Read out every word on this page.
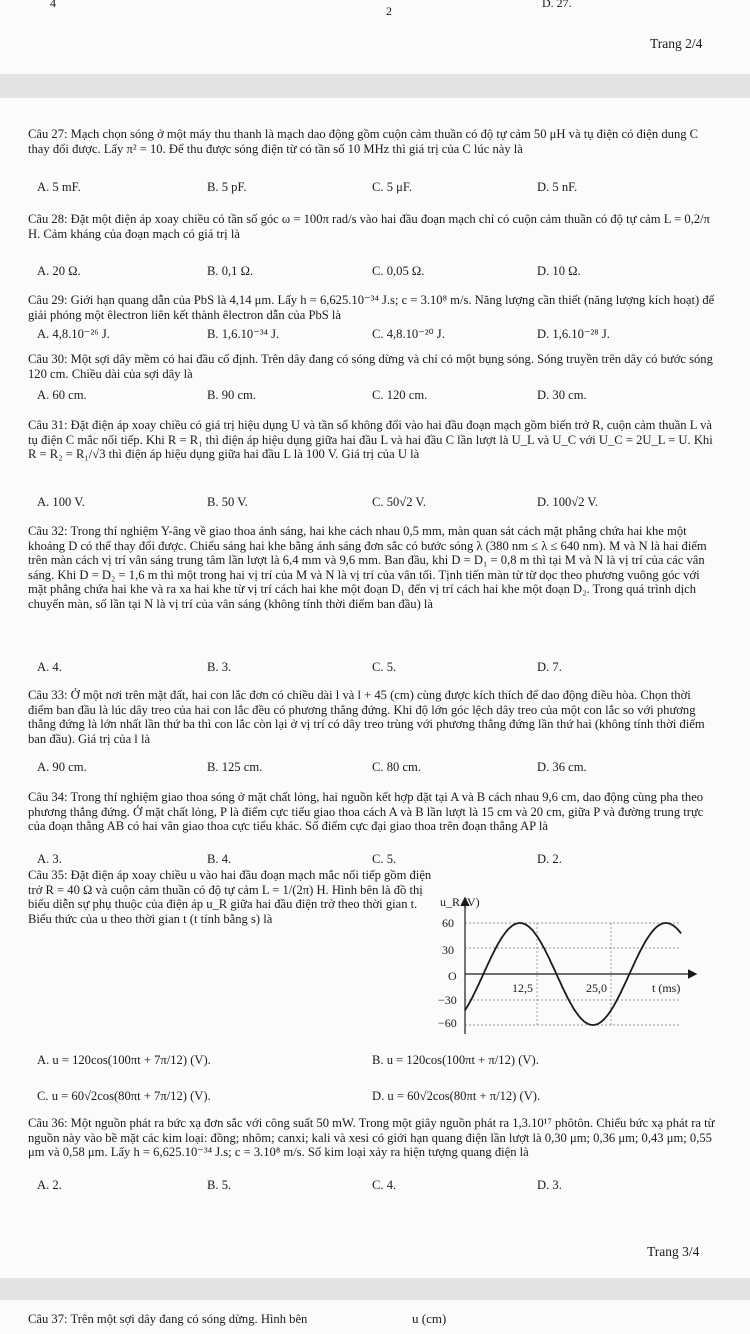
4
2
D. 27.
Trang 2/4
Câu 27: Mạch chọn sóng ở một máy thu thanh là mạch dao động gồm cuộn cảm thuần có độ tự cảm 50 μH và tụ điện có điện dung C thay đổi được. Lấy π² = 10. Để thu được sóng điện từ có tần số 10 MHz thì giá trị của C lúc này là
A. 5 mF.	B. 5 pF.	C. 5 μF.	D. 5 nF.
Câu 28: Đặt một điện áp xoay chiều có tần số góc ω = 100π rad/s vào hai đầu đoạn mạch chỉ có cuộn cảm thuần có độ tự cảm L = 0,2/π H. Cảm kháng của đoạn mạch có giá trị là
A. 20 Ω.	B. 0,1 Ω.	C. 0,05 Ω.	D. 10 Ω.
Câu 29: Giới hạn quang dẫn của PbS là 4,14 μm. Lấy h = 6,625.10⁻³⁴ J.s; c = 3.10⁸ m/s. Năng lượng cần thiết (năng lượng kích hoạt) để giải phóng một êlectron liên kết thành êlectron dẫn của PbS là
A. 4,8.10⁻²⁶ J.	B. 1,6.10⁻³⁴ J.	C. 4,8.10⁻²⁰ J.	D. 1,6.10⁻²⁸ J.
Câu 30: Một sợi dây mềm có hai đầu cố định. Trên dây đang có sóng dừng và chỉ có một bụng sóng. Sóng truyền trên dây có bước sóng 120 cm. Chiều dài của sợi dây là
A. 60 cm.	B. 90 cm.	C. 120 cm.	D. 30 cm.
Câu 31: Đặt điện áp xoay chiều có giá trị hiệu dụng U và tần số không đổi vào hai đầu đoạn mạch gồm biến trở R, cuộn cảm thuần L và tụ điện C mắc nối tiếp. Khi R = R₁ thì điện áp hiệu dụng giữa hai đầu L và hai đầu C lần lượt là U_L và U_C với U_C = 2U_L = U. Khi R = R₂ = R₁/√3 thì điện áp hiệu dụng giữa hai đầu L là 100 V. Giá trị của U là
A. 100 V.	B. 50 V.	C. 50√2 V.	D. 100√2 V.
Câu 32: Trong thí nghiệm Y-âng về giao thoa ánh sáng, hai khe cách nhau 0,5 mm, màn quan sát cách mặt phẳng chứa hai khe một khoảng D có thể thay đổi được. Chiếu sáng hai khe bằng ánh sáng đơn sắc có bước sóng λ (380 nm ≤ λ ≤ 640 nm). M và N là hai điểm trên màn cách vị trí vân sáng trung tâm lần lượt là 6,4 mm và 9,6 mm. Ban đầu, khi D = D₁ = 0,8 m thì tại M và N là vị trí của các vân sáng. Khi D = D₂ = 1,6 m thì một trong hai vị trí của M và N là vị trí của vân tối. Tịnh tiến màn từ từ dọc theo phương vuông góc với mặt phẳng chứa hai khe và ra xa hai khe từ vị trí cách hai khe một đoạn D₁ đến vị trí cách hai khe một đoạn D₂. Trong quá trình dịch chuyển màn, số lần tại N là vị trí của vân sáng (không tính thời điểm ban đầu) là
A. 4.	B. 3.	C. 5.	D. 7.
Câu 33: Ở một nơi trên mặt đất, hai con lắc đơn có chiều dài l và l + 45 (cm) cùng được kích thích để dao động điều hòa. Chọn thời điểm ban đầu là lúc dây treo của hai con lắc đều có phương thẳng đứng. Khi độ lớn góc lệch dây treo của một con lắc so với phương thẳng đứng là lớn nhất lần thứ ba thì con lắc còn lại ở vị trí có dây treo trùng với phương thẳng đứng lần thứ hai (không tính thời điểm ban đầu). Giá trị của l là
A. 90 cm.	B. 125 cm.	C. 80 cm.	D. 36 cm.
Câu 34: Trong thí nghiệm giao thoa sóng ở mặt chất lỏng, hai nguồn kết hợp đặt tại A và B cách nhau 9,6 cm, dao động cùng pha theo phương thẳng đứng. Ở mặt chất lỏng, P là điểm cực tiểu giao thoa cách A và B lần lượt là 15 cm và 20 cm, giữa P và đường trung trực của đoạn thẳng AB có hai vân giao thoa cực tiểu khác. Số điểm cực đại giao thoa trên đoạn thẳng AP là
A. 3.	B. 4.	C. 5.	D. 2.
Câu 35: Đặt điện áp xoay chiều u vào hai đầu đoạn mạch mắc nối tiếp gồm điện trở R = 40 Ω và cuộn cảm thuần có độ tự cảm L = 1/(2π) H. Hình bên là đồ thị biểu diễn sự phụ thuộc của điện áp u_R giữa hai đầu điện trở theo thời gian t. Biểu thức của u theo thời gian t (t tính bằng s) là
u_R (V)
60
30
O
−30
−60
12,5	25,0	t (ms)
A. u = 120cos(100πt + 7π/12) (V).	B. u = 120cos(100πt + π/12) (V).
C. u = 60√2cos(80πt + 7π/12) (V).	D. u = 60√2cos(80πt + π/12) (V).
Câu 36: Một nguồn phát ra bức xạ đơn sắc với công suất 50 mW. Trong một giây nguồn phát ra 1,3.10¹⁷ phôtôn. Chiếu bức xạ phát ra từ nguồn này vào bề mặt các kim loại: đồng; nhôm; canxi; kali và xesi có giới hạn quang điện lần lượt là 0,30 μm; 0,36 μm; 0,43 μm; 0,55 μm và 0,58 μm. Lấy h = 6,625.10⁻³⁴ J.s; c = 3.10⁸ m/s. Số kim loại xảy ra hiện tượng quang điện là
A. 2.	B. 5.	C. 4.	D. 3.
Trang 3/4
Câu 37: Trên một sợi dây đang có sóng dừng. Hình bên	u (cm)
